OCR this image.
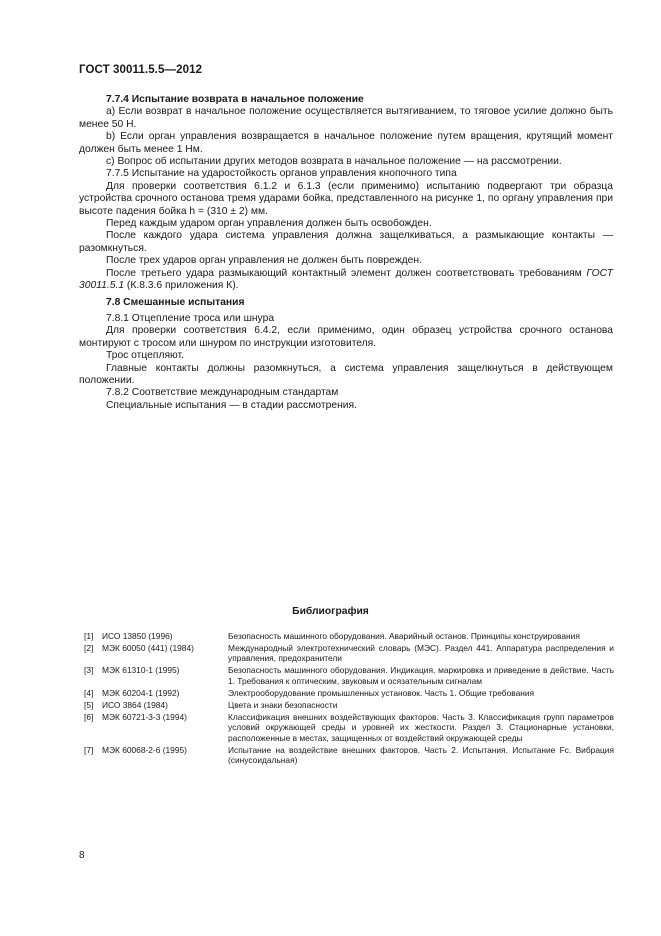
ГОСТ 30011.5.5—2012

7.7.4 Испытание возврата в начальное положение

а) Если возврат в начальное положение осуществляется вытягиванием, то тяговое усилие должно быть менее 50 Н.

b) Если орган управления возвращается в начальное положение путем вращения, крутящий момент должен быть менее 1 Нм.

с) Вопрос об испытании других методов возврата в начальное положение — на рассмотрении.

7.7.5 Испытание на ударостойкость органов управления кнопочного типа

Для проверки соответствия 6.1.2 и 6.1.3 (если применимо) испытанию подвергают три образца устройства срочного останова тремя ударами бойка, представленного на рисунке 1, по органу управления при высоте падения бойка h = (310 ± 2) мм.

Перед каждым ударом орган управления должен быть освобожден.

После каждого удара система управления должна защелкиваться, а размыкающие контакты — разомкнуться.

После трех ударов орган управления не должен быть поврежден.

После третьего удара размыкающий контактный элемент должен соответствовать требованиям ГОСТ 30011.5.1 (К.8.3.6 приложения К).

7.8 Смешанные испытания

7.8.1 Отцепление троса или шнура

Для проверки соответствия 6.4.2, если применимо, один образец устройства срочного останова монтируют с тросом или шнуром по инструкции изготовителя.

Трос отцепляют.

Главные контакты должны разомкнуться, а система управления защелкнуться в действующем положении.

7.8.2 Соответствие международным стандартам

Специальные испытания — в стадии рассмотрения.

Библиография
[1]	ИСО 13850 (1996)	Безопасность машинного оборудования. Аварийный останов. Принципы конструирования
[2]	МЭК 60050 (441) (1984)	Международный электротехнический словарь (МЭС). Раздел 441. Аппаратура распределения и управления, предохранители
[3]	МЭК 61310-1 (1995)	Безопасность машинного оборудования. Индикация, маркировка и приведение в действие. Часть 1. Требования к оптическим, звуковым и осязательным сигналам
[4]	МЭК 60204-1 (1992)	Электрооборудование промышленных установок. Часть 1. Общие требования
[5]	ИСО 3864 (1984)	Цвета и знаки безопасности
[6]	МЭК 60721-3-3 (1994)	Классификация внешних воздействующих факторов. Часть 3. Классификация групп параметров условий окружающей среды и уровней их жесткости. Раздел 3. Стационарные установки, расположенные в местах, защищенных от воздействий окружающей среды
[7]	МЭК 60068-2-6 (1995)	Испытание на воздействие внешних факторов. Часть 2. Испытания. Испытание Fc. Вибрация (синусоидальная)
8
